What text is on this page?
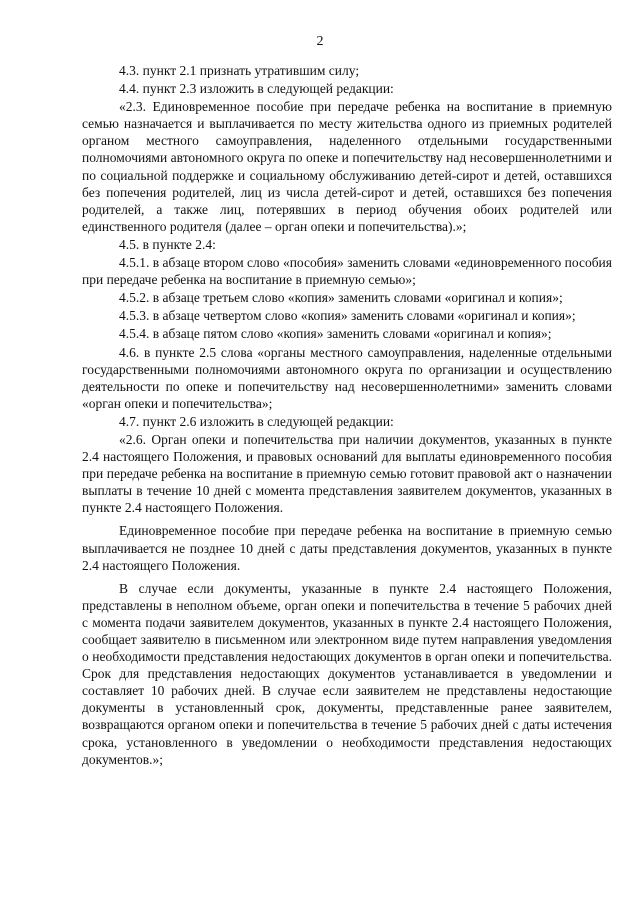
2

4.3. пункт 2.1 признать утратившим силу;

4.4. пункт 2.3 изложить в следующей редакции:

«2.3. Единовременное пособие при передаче ребенка на воспитание в приемную семью назначается и выплачивается по месту жительства одного из приемных родителей органом местного самоуправления, наделенного отдельными государственными полномочиями автономного округа по опеке и попечительству над несовершеннолетними и по социальной поддержке и социальному обслуживанию детей-сирот и детей, оставшихся без попечения родителей, лиц из числа детей-сирот и детей, оставшихся без попечения родителей, а также лиц, потерявших в период обучения обоих родителей или единственного родителя (далее – орган опеки и попечительства).»;

4.5. в пункте 2.4:

4.5.1. в абзаце втором слово «пособия» заменить словами «единовременного пособия при передаче ребенка на воспитание в приемную семью»;

4.5.2. в абзаце третьем слово «копия» заменить словами «оригинал и копия»;

4.5.3. в абзаце четвертом слово «копия» заменить словами «оригинал и копия»;

4.5.4. в абзаце пятом слово «копия» заменить словами «оригинал и копия»;

4.6. в пункте 2.5 слова «органы местного самоуправления, наделенные отдельными государственными полномочиями автономного округа по организации и осуществлению деятельности по опеке и попечительству над несовершеннолетними» заменить словами «орган опеки и попечительства»;

4.7. пункт 2.6 изложить в следующей редакции:

«2.6. Орган опеки и попечительства при наличии документов, указанных в пункте 2.4 настоящего Положения, и правовых оснований для выплаты единовременного пособия при передаче ребенка на воспитание в приемную семью готовит правовой акт о назначении выплаты в течение 10 дней с момента представления заявителем документов, указанных в пункте 2.4 настоящего Положения.

Единовременное пособие при передаче ребенка на воспитание в приемную семью выплачивается не позднее 10 дней с даты представления документов, указанных в пункте 2.4 настоящего Положения.

В случае если документы, указанные в пункте 2.4 настоящего Положения, представлены в неполном объеме, орган опеки и попечительства в течение 5 рабочих дней с момента подачи заявителем документов, указанных в пункте 2.4 настоящего Положения, сообщает заявителю в письменном или электронном виде путем направления уведомления о необходимости представления недостающих документов в орган опеки и попечительства. Срок для представления недостающих документов устанавливается в уведомлении и составляет 10 рабочих дней. В случае если заявителем не представлены недостающие документы в установленный срок, документы, представленные ранее заявителем, возвращаются органом опеки и попечительства в течение 5 рабочих дней с даты истечения срока, установленного в уведомлении о необходимости представления недостающих документов.»;
